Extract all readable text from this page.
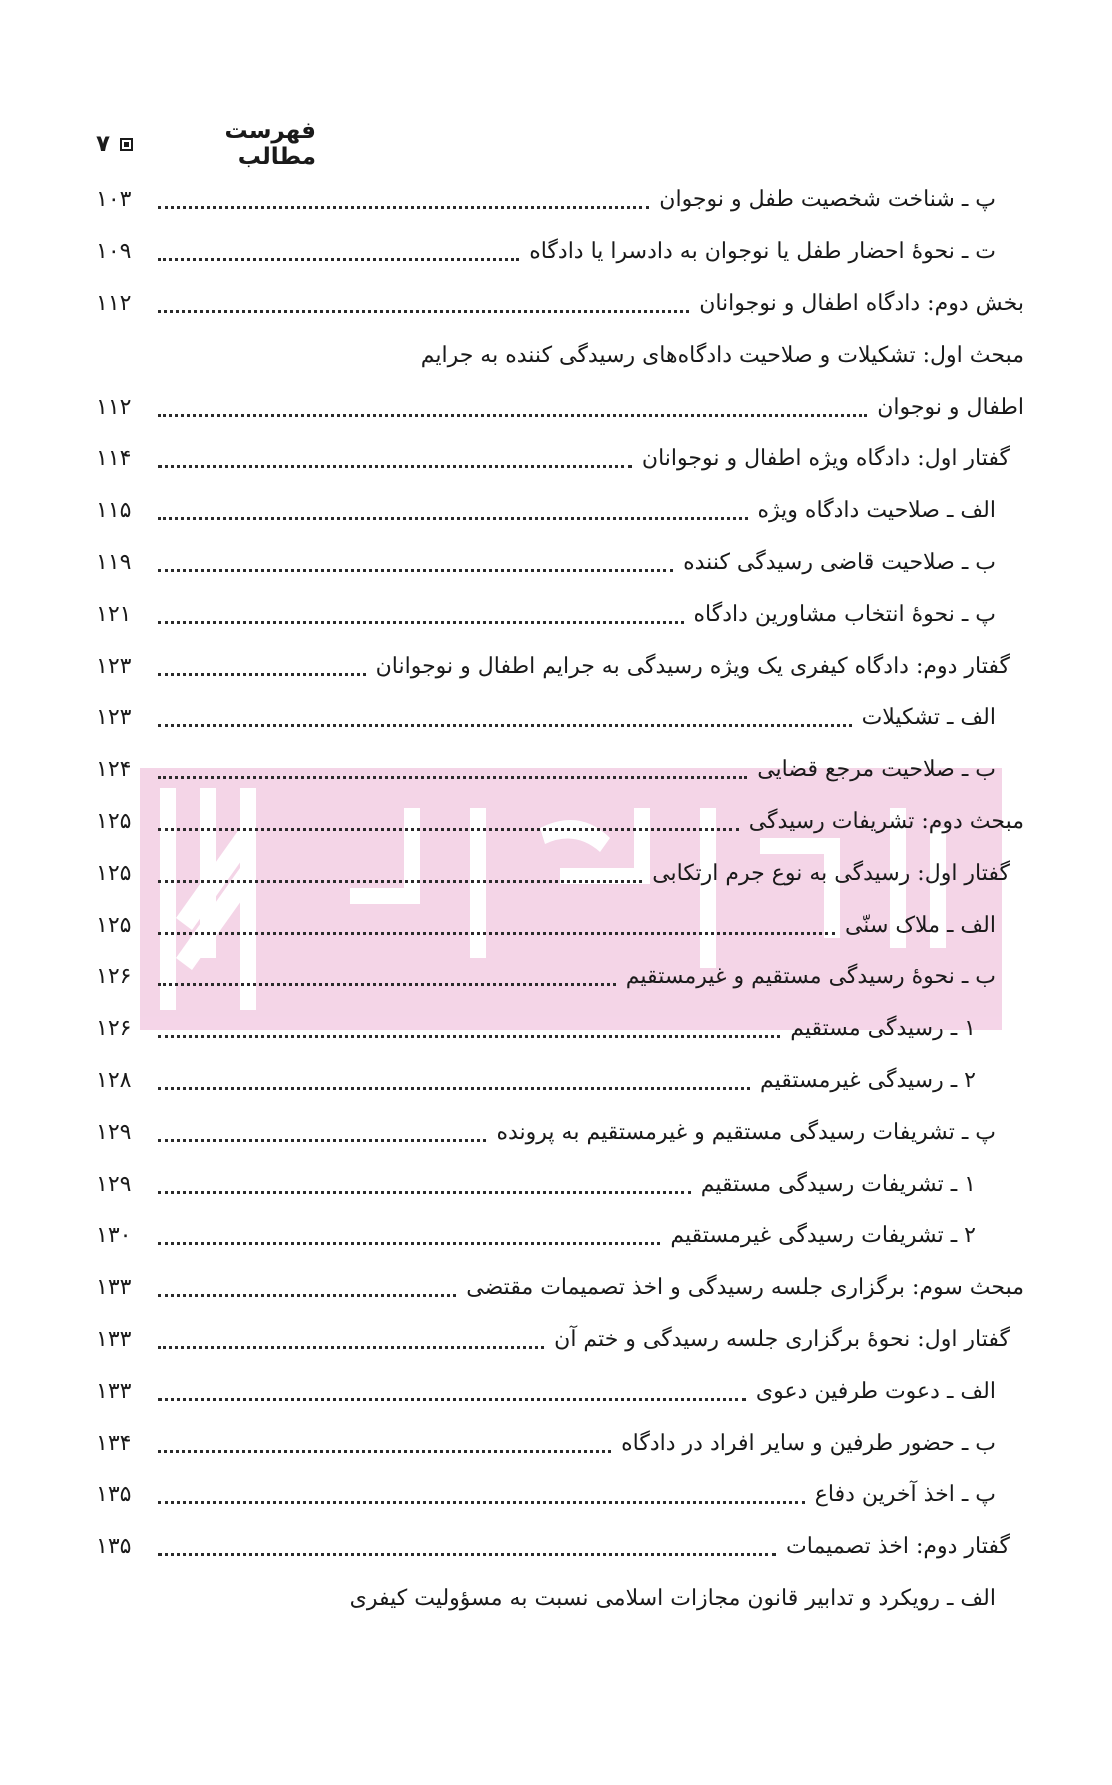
فهرست مطالب
۷
پ ـ شناخت شخصیت طفل و نوجوان
۱۰۳
ت ـ نحوهٔ احضار طفل یا نوجوان به دادسرا یا دادگاه
۱۰۹
بخش دوم: دادگاه اطفال و نوجوانان
۱۱۲
مبحث اول: تشکیلات و صلاحیت دادگاه‌های رسیدگی کننده به جرایم
اطفال و نوجوان
۱۱۲
گفتار اول: دادگاه ویژه اطفال و نوجوانان
۱۱۴
الف ـ صلاحیت دادگاه ویژه
۱۱۵
ب ـ صلاحیت قاضی رسیدگی کننده
۱۱۹
پ ـ نحوهٔ انتخاب مشاورین دادگاه
۱۲۱
گفتار دوم: دادگاه کیفری یک ویژه رسیدگی به جرایم اطفال و نوجوانان
۱۲۳
الف ـ تشکیلات
۱۲۳
ب ـ صلاحیت مرجع قضایی
۱۲۴
مبحث دوم: تشریفات رسیدگی
۱۲۵
گفتار اول: رسیدگی به نوع جرم ارتکابی
۱۲۵
الف ـ ملاک سنّی
۱۲۵
ب ـ نحوهٔ رسیدگی مستقیم و غیرمستقیم
۱۲۶
۱ ـ رسیدگی مستقیم
۱۲۶
۲ ـ رسیدگی غیرمستقیم
۱۲۸
پ ـ تشریفات رسیدگی مستقیم و غیرمستقیم به پرونده
۱۲۹
۱ ـ تشریفات رسیدگی مستقیم
۱۲۹
۲ ـ تشریفات رسیدگی غیرمستقیم
۱۳۰
مبحث سوم: برگزاری جلسه رسیدگی و اخذ تصمیمات مقتضی
۱۳۳
گفتار اول: نحوهٔ برگزاری جلسه رسیدگی و ختم آن
۱۳۳
الف ـ دعوت طرفین دعوی
۱۳۳
ب ـ حضور طرفین و سایر افراد در دادگاه
۱۳۴
پ ـ اخذ آخرین دفاع
۱۳۵
گفتار دوم: اخذ تصمیمات
۱۳۵
الف ـ رویکرد و تدابیر قانون مجازات اسلامی نسبت به مسؤولیت کیفری
